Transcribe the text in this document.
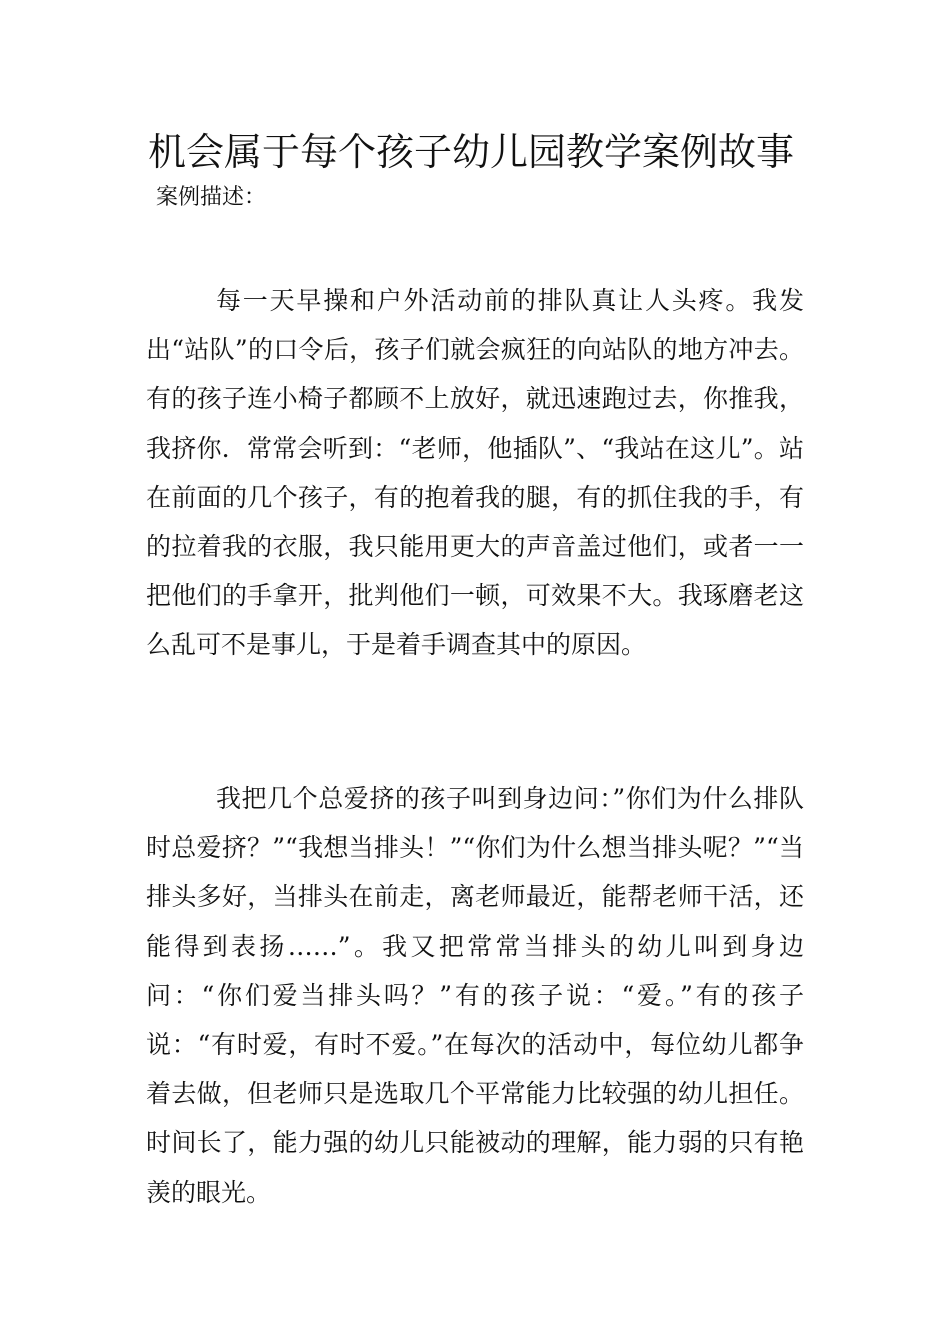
机会属于每个孩子幼儿园教学案例故事

案例描述：

每一天早操和户外活动前的排队真让人头疼。我发出“站队”的口令后，孩子们就会疯狂的向站队的地方冲去。有的孩子连小椅子都顾不上放好，就迅速跑过去，你推我，我挤你．常常会听到：“老师，他插队”、“我站在这儿”。站在前面的几个孩子，有的抱着我的腿，有的抓住我的手，有的拉着我的衣服，我只能用更大的声音盖过他们，或者一一把他们的手拿开，批判他们一顿，可效果不大。我琢磨老这么乱可不是事儿，于是着手调查其中的原因。

我把几个总爱挤的孩子叫到身边问：”你们为什么排队时总爱挤？”“我想当排头！”“你们为什么想当排头呢？”“当排头多好，当排头在前走，离老师最近，能帮老师干活，还能得到表扬……”。我又把常常当排头的幼儿叫到身边问：“你们爱当排头吗？”有的孩子说：“爱。”有的孩子说：“有时爱，有时不爱。”在每次的活动中，每位幼儿都争着去做，但老师只是选取几个平常能力比较强的幼儿担任。时间长了，能力强的幼儿只能被动的理解，能力弱的只有艳羡的眼光。
